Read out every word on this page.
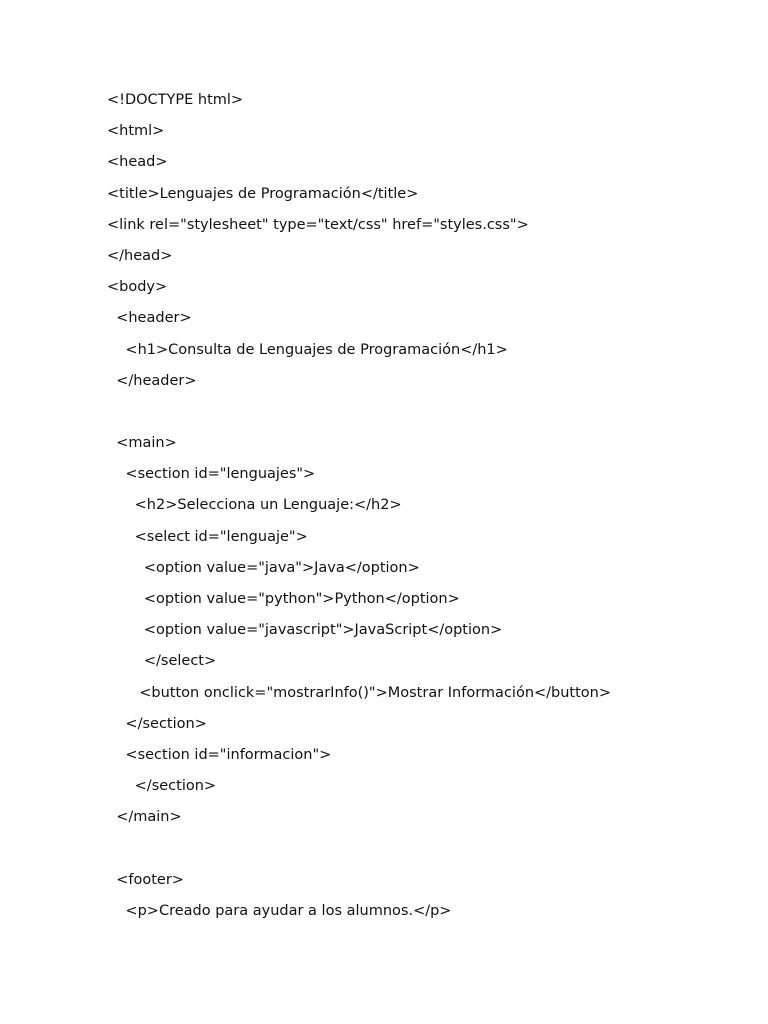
<!DOCTYPE html>
<html>
<head>
<title>Lenguajes de Programación</title>
<link rel="stylesheet" type="text/css" href="styles.css">
</head>
<body>
<header>
<h1>Consulta de Lenguajes de Programación</h1>
</header>
<main>
<section id="lenguajes">
<h2>Selecciona un Lenguaje:</h2>
<select id="lenguaje">
<option value="java">Java</option>
<option value="python">Python</option>
<option value="javascript">JavaScript</option>
</select>
<button onclick="mostrarInfo()">Mostrar Información</button>
</section>
<section id="informacion">
</section>
</main>
<footer>
<p>Creado para ayudar a los alumnos.</p>
